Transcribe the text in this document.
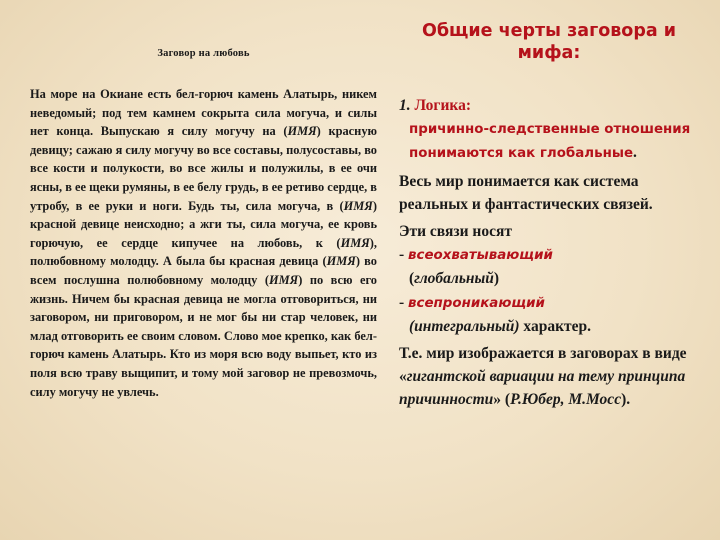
Заговор на любовь

На море на Окиане есть бел-горюч камень Алатырь, никем неведомый; под тем камнем сокрыта сила могуча, и силы нет конца. Выпускаю я силу могучу на (ИМЯ) красную девицу; сажаю я силу могучу во все составы, полусоставы, во все кости и полукости, во все жилы и полужилы, в ее очи ясны, в ее щеки румяны, в ее белу грудь, в ее ретиво сердце, в утробу, в ее руки и ноги. Будь ты, сила могуча, в (ИМЯ) красной девице неисходно; а жги ты, сила могуча, ее кровь горючую, ее сердце кипучее на любовь, к (ИМЯ), полюбовному молодцу. А была бы красная девица (ИМЯ) во всем послушна полюбовному молодцу (ИМЯ) по всю его жизнь. Ничем бы красная девица не могла отговориться, ни заговором, ни приговором, и не мог бы ни стар человек, ни млад отговорить ее своим словом. Слово мое крепко, как бел-горюч камень Алатырь. Кто из моря всю воду выпьет, кто из поля всю траву выщипит, и тому мой заговор не превозмочь, силу могучу не увлечь.

Общие черты заговора и мифа:

1. Логика:
причинно-следственные отношения понимаются как глобальные.
Весь мир понимается как система реальных и фантастических связей.
Эти связи носят
- всеохватывающий
(глобальный)
- всепроникающий
(интегральный) характер.
Т.е. мир изображается в заговорах в виде «гигантской вариации на тему принципа причинности» (Р.Юбер, М.Мосс).
